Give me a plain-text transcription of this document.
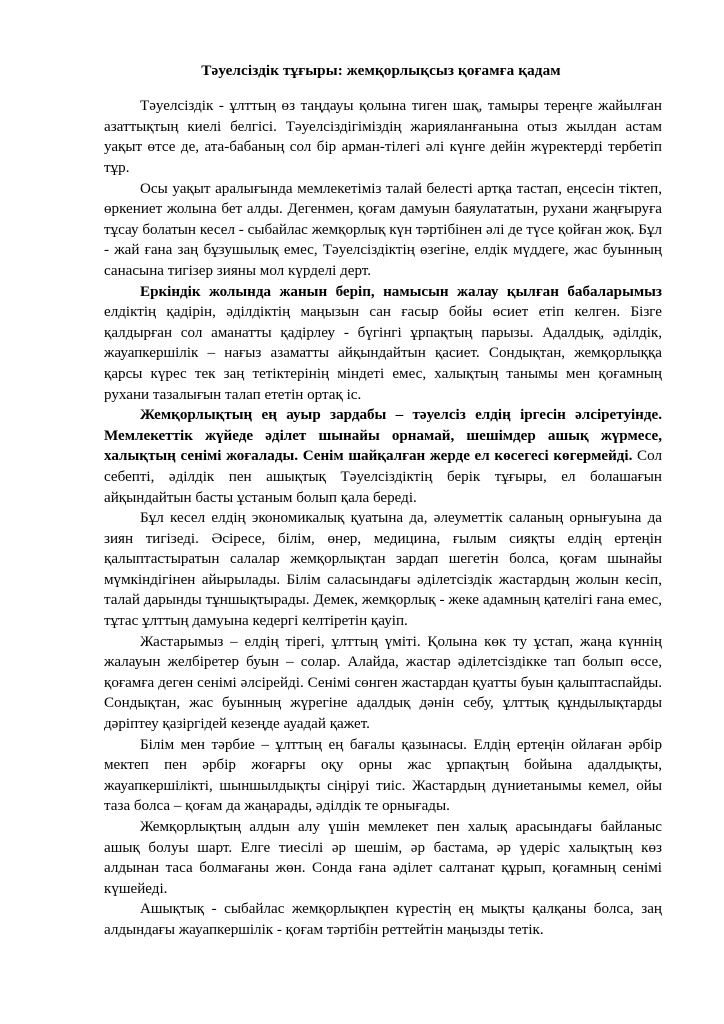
Тәуелсіздік тұғыры: жемқорлықсыз қоғамға қадам

Тәуелсіздік - ұлттың өз таңдауы қолына тиген шақ, тамыры тереңге жайылған азаттықтың киелі белгісі. Тәуелсіздігіміздің жарияланғанына отыз жылдан астам уақыт өтсе де, ата-бабаның сол бір арман-тілегі әлі күнге дейін жүректерді тербетіп тұр.

Осы уақыт аралығында мемлекетіміз талай белесті артқа тастап, еңсесін тіктеп, өркениет жолына бет алды. Дегенмен, қоғам дамуын баяулататын, рухани жаңғыруға тұсау болатын кесел - сыбайлас жемқорлық күн тәртібінен әлі де түсе қойған жоқ. Бұл - жай ғана заң бұзушылық емес, Тәуелсіздіктің өзегіне, елдік мүддеге, жас буынның санасына тигізер зияны мол күрделі дерт.

Еркіндік жолында жанын беріп, намысын жалау қылған бабаларымыз елдіктің қадірін, әділдіктің маңызын сан ғасыр бойы өсиет етіп келген. Бізге қалдырған сол аманатты қадірлеу - бүгінгі ұрпақтың парызы. Адалдық, әділдік, жауапкершілік – нағыз азаматты айқындайтын қасиет. Сондықтан, жемқорлыққа қарсы күрес тек заң тетіктерінің міндеті емес, халықтың танымы мен қоғамның рухани тазалығын талап ететін ортақ іс.

Жемқорлықтың ең ауыр зардабы – тәуелсіз елдің іргесін әлсіретуінде. Мемлекеттік жүйеде әділет шынайы орнамай, шешімдер ашық жүрмесе, халықтың сенімі жоғалады. Сенім шайқалған жерде ел көсегесі көгермейді. Сол себепті, әділдік пен ашықтық Тәуелсіздіктің берік тұғыры, ел болашағын айқындайтын басты ұстаным болып қала береді.

Бұл кесел елдің экономикалық қуатына да, әлеуметтік саланың орнығуына да зиян тигізеді. Әсіресе, білім, өнер, медицина, ғылым сияқты елдің ертеңін қалыптастыратын салалар жемқорлықтан зардап шегетін болса, қоғам шынайы мүмкіндігінен айырылады. Білім саласындағы әділетсіздік жастардың жолын кесіп, талай дарынды тұншықтырады. Демек, жемқорлық - жеке адамның қателігі ғана емес, тұтас ұлттың дамуына кедергі келтіретін қауіп.

Жастарымыз – елдің тірегі, ұлттың үміті. Қолына көк ту ұстап, жаңа күннің жалауын желбіретер буын – солар. Алайда, жастар әділетсіздікке тап болып өссе, қоғамға деген сенімі әлсірейді. Сенімі сөнген жастардан қуатты буын қалыптаспайды. Сондықтан, жас буынның жүрегіне адалдық дәнін себу, ұлттық құндылықтарды дәріптеу қазіргідей кезеңде ауадай қажет.

Білім мен тәрбие – ұлттың ең бағалы қазынасы. Елдің ертеңін ойлаған әрбір мектеп пен әрбір жоғарғы оқу орны жас ұрпақтың бойына адалдықты, жауапкершілікті, шыншылдықты сіңіруі тиіс. Жастардың дүниетанымы кемел, ойы таза болса – қоғам да жаңарады, әділдік те орнығады.

Жемқорлықтың алдын алу үшін мемлекет пен халық арасындағы байланыс ашық болуы шарт. Елге тиесілі әр шешім, әр бастама, әр үдеріс халықтың көз алдынан таса болмағаны жөн. Сонда ғана әділет салтанат құрып, қоғамның сенімі күшейеді.

Ашықтық - сыбайлас жемқорлықпен күрестің ең мықты қалқаны болса, заң алдындағы жауапкершілік - қоғам тәртібін реттейтін маңызды тетік.
